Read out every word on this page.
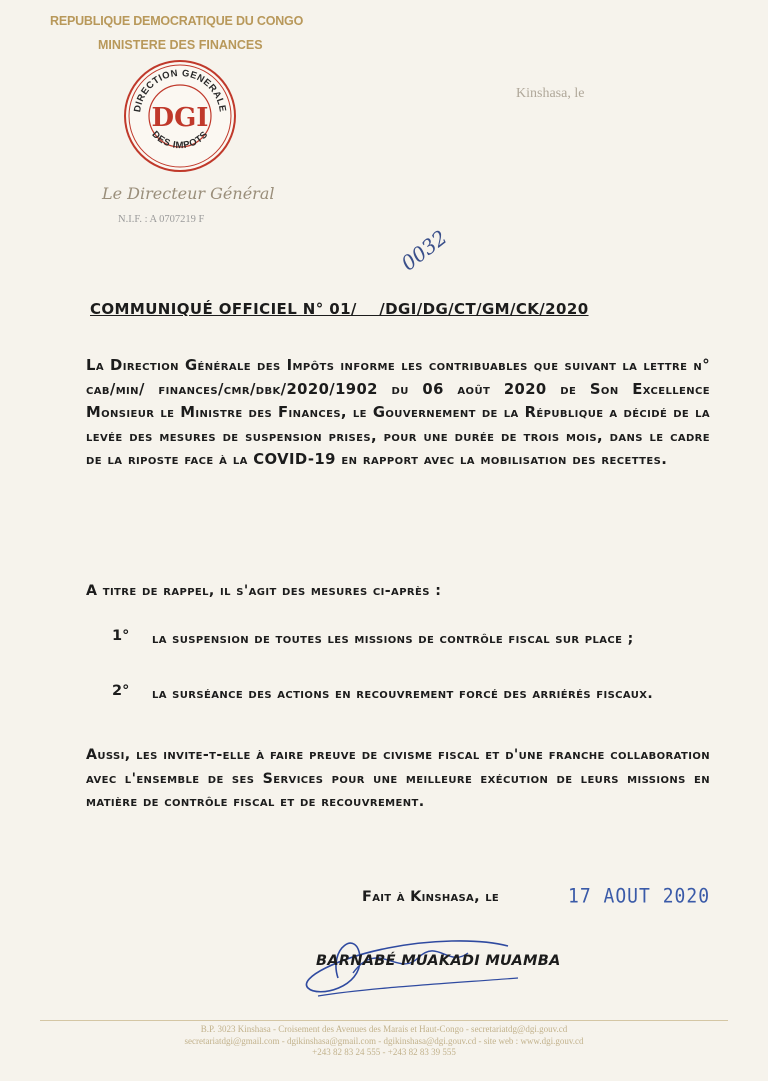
REPUBLIQUE DEMOCRATIQUE DU CONGO
MINISTERE DES FINANCES
DIRECTION GENERALE
DES IMPOTS
DGI
Kinshasa, le
Le Directeur Général
N.I.F. : A 0707219 F
0032
COMMUNIQUÉ OFFICIEL N° 01/    /DGI/DG/CT/GM/CK/2020
La Direction Générale des Impôts informe les contribuables que suivant la lettre n° cab/min/ finances/cmr/dbk/2020/1902 du 06 août 2020 de Son Excellence Monsieur le Ministre des Finances, le Gouvernement de la République a décidé de la levée des mesures de suspension prises, pour une durée de trois mois, dans le cadre de la riposte face à la COVID-19 en rapport avec la mobilisation des recettes.
A titre de rappel, il s'agit des mesures ci-après :
1° la suspension de toutes les missions de contrôle fiscal sur place ;
2° la surséance des actions en recouvrement forcé des arriérés fiscaux.
Aussi, les invite-t-elle à faire preuve de civisme fiscal et d'une franche collaboration avec l'ensemble de ses Services pour une meilleure exécution de leurs missions en matière de contrôle fiscal et de recouvrement.
Fait à Kinshasa, le	17 AOUT 2020
BARNABÉ MUAKADI MUAMBA
B.P. 3023 Kinshasa - Croisement des Avenues des Marais et Haut-Congo - secretariatdg@dgi.gouv.cd
secretariatdgi@gmail.com - dgikinshasa@gmail.com - dgikinshasa@dgi.gouv.cd - site web : www.dgi.gouv.cd
+243 82 83 24 555 - +243 82 83 39 555
